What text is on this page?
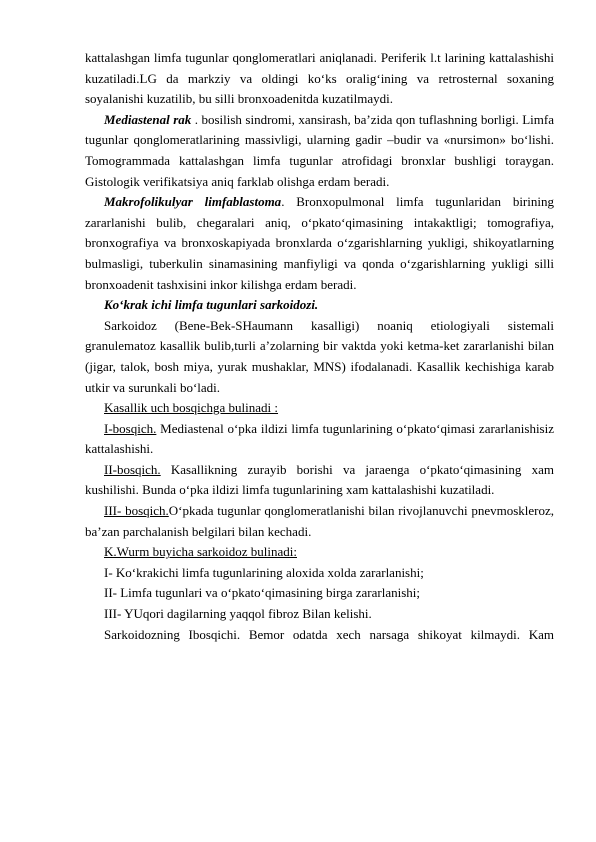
kattalashgan limfa tugunlar qonglomeratlari aniqlanadi. Periferik l.t larining kattalashishi kuzatiladi.LG da markziy va oldingi ko‘ks oralig‘ining va retrosternal soxaning soyalanishi kuzatilib, bu silli bronxoadenitda kuzatilmaydi.

Mediastenal rak . bosilish sindromi, xansirash, ba’zida qon tuflashning borligi. Limfa tugunlar qonglomeratlarining massivligi, ularning gadir –budir va «nursimon» bo‘lishi. Tomogrammada kattalashgan limfa tugunlar atrofidagi bronxlar bushligi toraygan. Gistologik verifikatsiya aniq farklab olishga erdam beradi.

Makrofolikulyar limfablastoma. Bronxopulmonal limfa tugunlaridan birining zararlanishi bulib, chegaralari aniq, o‘pkato‘qimasining intakaktligi; tomografiya, bronxografiya va bronxoskapiyada bronxlarda o‘zgarishlarning yukligi, shikoyatlarning bulmasligi, tuberkulin sinamasining manfiyligi va qonda o‘zgarishlarning yukligi silli bronxoadenit tashxisini inkor kilishga erdam beradi.

Ko‘krak ichi limfa tugunlari sarkoidozi.

Sarkoidoz (Bene-Bek-SHaumann kasalligi) noaniq etiologiyali sistemali granulematoz kasallik bulib,turli a’zolarning bir vaktda yoki ketma-ket zararlanishi bilan (jigar, talok, bosh miya, yurak mushaklar, MNS) ifodalanadi. Kasallik kechishiga karab utkir va surunkali bo‘ladi.

Kasallik uch bosqichga bulinadi :

I-bosqich. Mediastenal o‘pka ildizi limfa tugunlarining o‘pkato‘qimasi zararlanishisiz kattalashishi.

II-bosqich. Kasallikning zurayib borishi va jaraenga o‘pkato‘qimasining xam kushilishi. Bunda o‘pka ildizi limfa tugunlarining xam kattalashishi kuzatiladi.

III- bosqich.O‘pkada tugunlar qonglomeratlanishi bilan rivojlanuvchi pnevmoskleroz, ba’zan parchalanish belgilari bilan kechadi.

K.Wurm buyicha sarkoidoz bulinadi:

I- Ko‘krakichi limfa tugunlarining aloxida xolda zararlanishi;

II- Limfa tugunlari va o‘pkato‘qimasining birga zararlanishi;

III- YUqori dagilarning yaqqol fibroz Bilan kelishi.

Sarkoidozning Ibosqichi. Bemor odatda xech narsaga shikoyat kilmaydi. Kam
